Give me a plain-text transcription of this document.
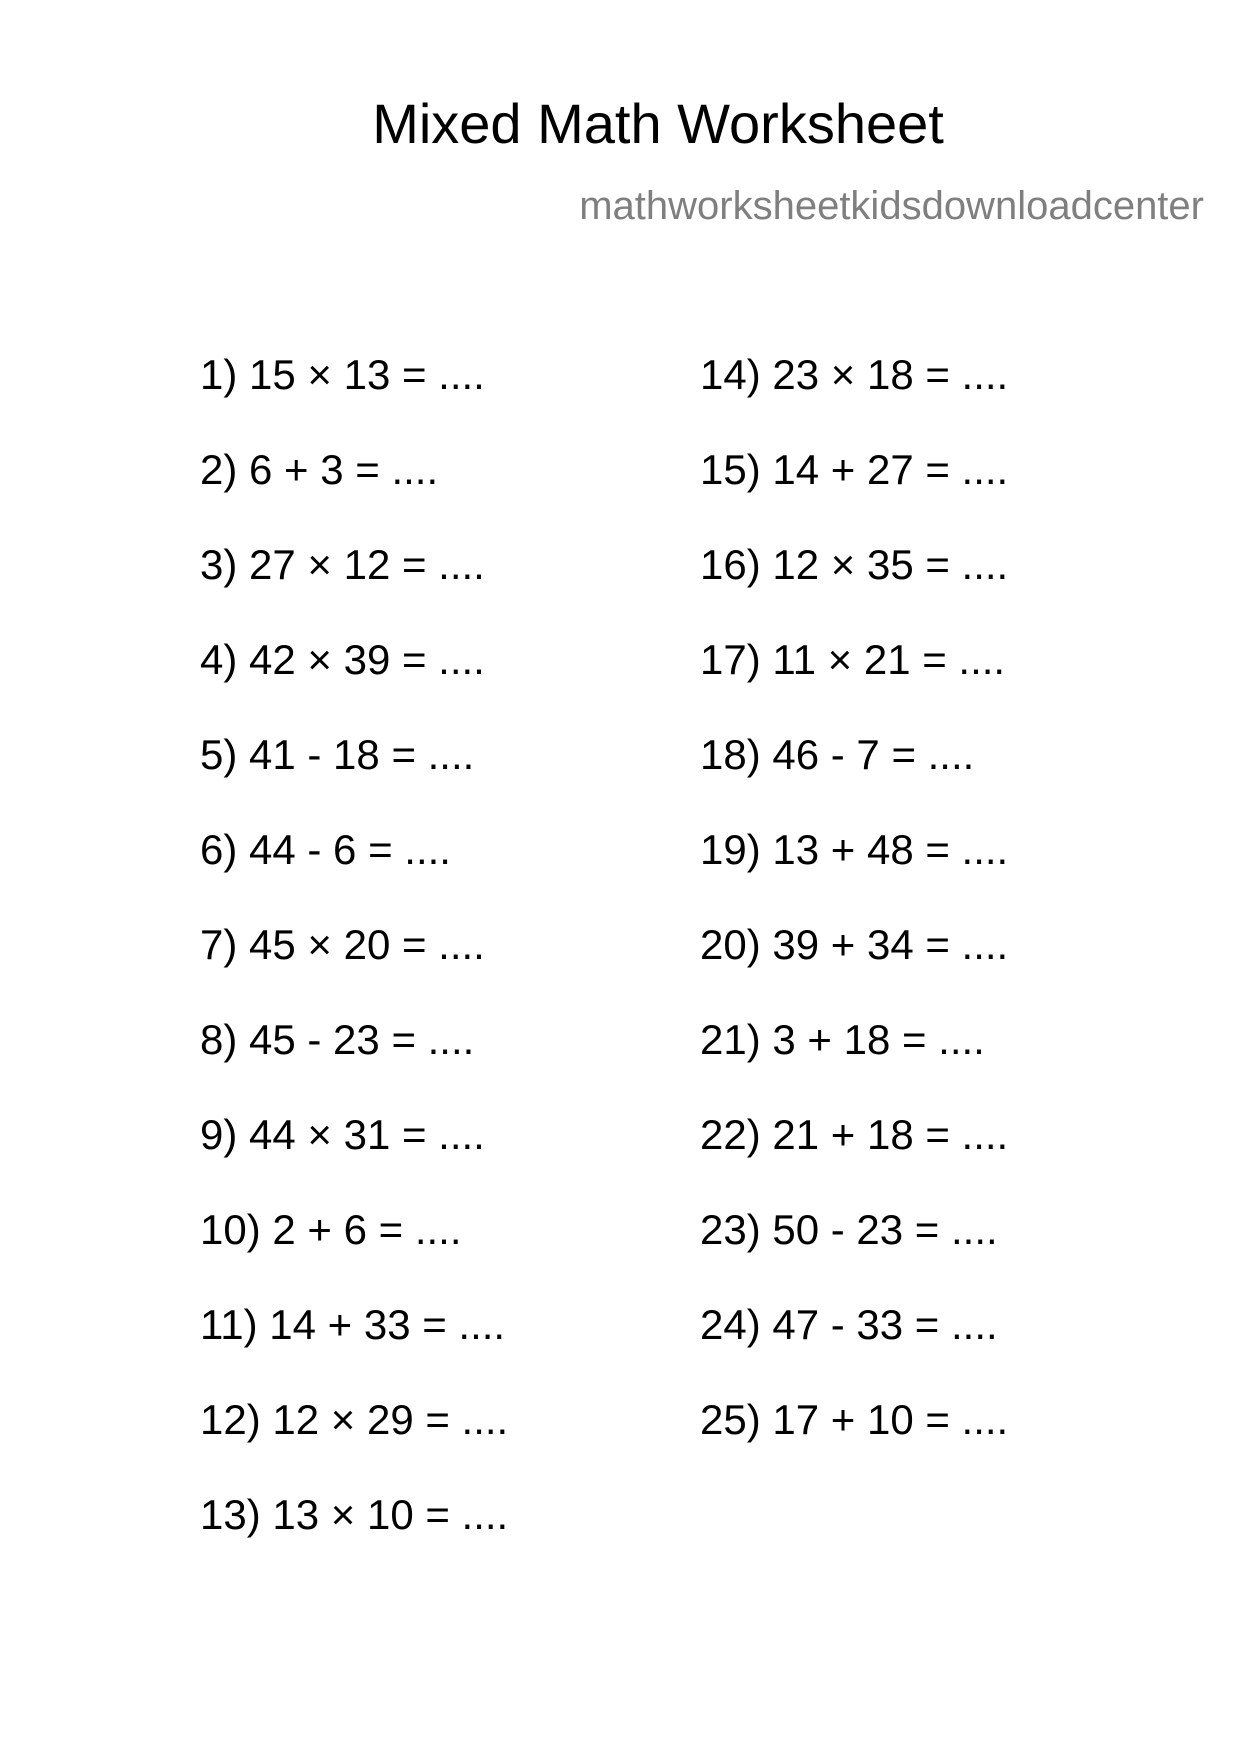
Mixed Math Worksheet
mathworksheetkidsdownloadcenter
1) 15 × 13 = ....
2) 6 + 3 = ....
3) 27 × 12 = ....
4) 42 × 39 = ....
5) 41 - 18 = ....
6) 44 - 6 = ....
7) 45 × 20 = ....
8) 45 - 23 = ....
9) 44 × 31 = ....
10) 2 + 6 = ....
11) 14 + 33 = ....
12) 12 × 29 = ....
13) 13 × 10 = ....
14) 23 × 18 = ....
15) 14 + 27 = ....
16) 12 × 35 = ....
17) 11 × 21 = ....
18) 46 - 7 = ....
19) 13 + 48 = ....
20) 39 + 34 = ....
21) 3 + 18 = ....
22) 21 + 18 = ....
23) 50 - 23 = ....
24) 47 - 33 = ....
25) 17 + 10 = ....
